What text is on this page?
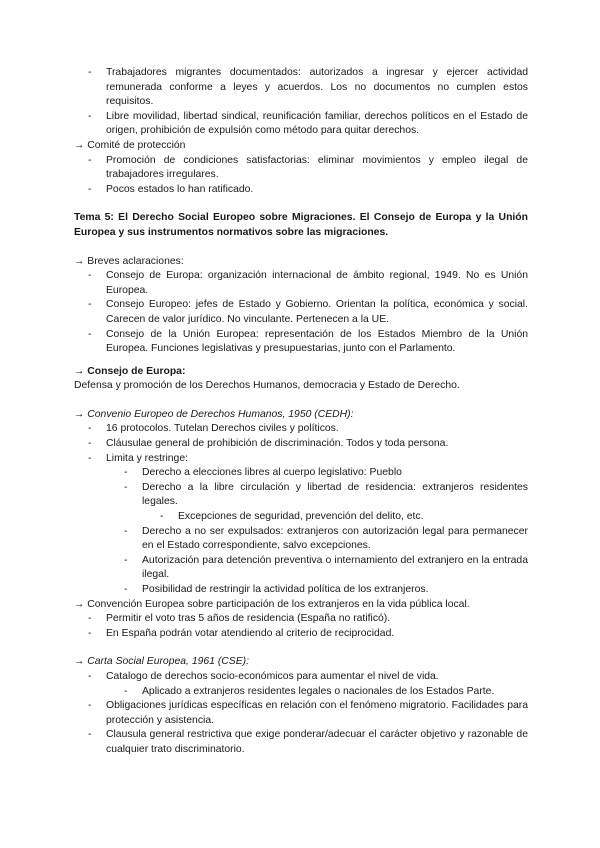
- Trabajadores migrantes documentados: autorizados a ingresar y ejercer actividad remunerada conforme a leyes y acuerdos. Los no documentos no cumplen estos requisitos.
- Libre movilidad, libertad sindical, reunificación familiar, derechos políticos en el Estado de origen, prohibición de expulsión como método para quitar derechos.

→ Comité de protección

- Promoción de condiciones satisfactorias: eliminar movimientos y empleo ilegal de trabajadores irregulares.
- Pocos estados lo han ratificado.

Tema 5: El Derecho Social Europeo sobre Migraciones. El Consejo de Europa y la Unión Europea y sus instrumentos normativos sobre las migraciones.

→ Breves aclaraciones:

- Consejo de Europa: organización internacional de ámbito regional, 1949. No es Unión Europea.
- Consejo Europeo: jefes de Estado y Gobierno. Orientan la política, económica y social. Carecen de valor jurídico. No vinculante. Pertenecen a la UE.
- Consejo de la Unión Europea: representación de los Estados Miembro de la Unión Europea. Funciones legislativas y presupuestarias, junto con el Parlamento.

→ Consejo de Europa:

Defensa y promoción de los Derechos Humanos, democracia y Estado de Derecho.

→ Convenio Europeo de Derechos Humanos, 1950 (CEDH):

- 16 protocolos. Tutelan Derechos civiles y políticos.
- Cláusulae general de prohibición de discriminación. Todos y toda persona.
- Limita y restringe:
- Derecho a elecciones libres al cuerpo legislativo: Pueblo
- Derecho a la libre circulación y libertad de residencia: extranjeros residentes legales.
- Excepciones de seguridad, prevención del delito, etc.
- Derecho a no ser expulsados: extranjeros con autorización legal para permanecer en el Estado correspondiente, salvo excepciones.
- Autorización para detención preventiva o internamiento del extranjero en la entrada ilegal.
- Posibilidad de restringir la actividad política de los extranjeros.

→ Convención Europea sobre participación de los extranjeros en la vida pública local.

- Permitir el voto tras 5 años de residencia (España no ratificó).
- En España podrán votar atendiendo al criterio de reciprocidad.

→ Carta Social Europea, 1961 (CSE):

- Catalogo de derechos socio-económicos para aumentar el nivel de vida.
- Aplicado a extranjeros residentes legales o nacionales de los Estados Parte.
- Obligaciones jurídicas específicas en relación con el fenómeno migratorio. Facilidades para protección y asistencia.
- Clausula general restrictiva que exige ponderar/adecuar el carácter objetivo y razonable de cualquier trato discriminatorio.
